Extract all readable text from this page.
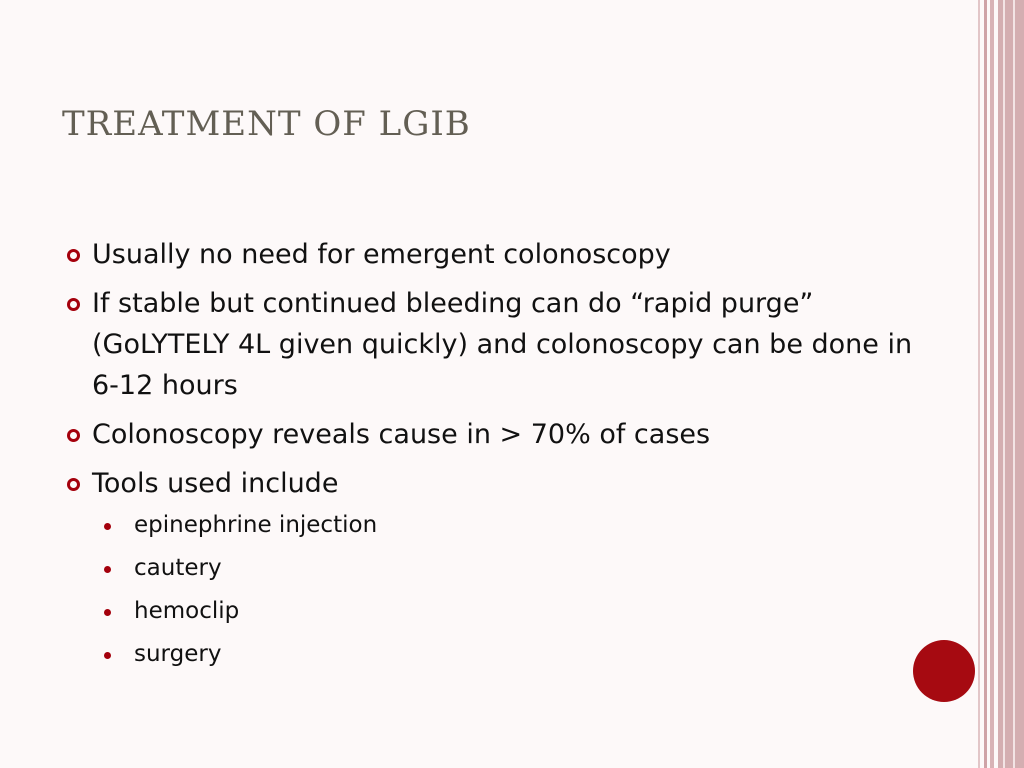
TREATMENT OF LGIB
Usually no need for emergent colonoscopy
If stable but continued bleeding can do “rapid purge” (GoLYTELY 4L given quickly) and colonoscopy can be done in 6-12 hours
Colonoscopy reveals cause in > 70% of cases
Tools used include
epinephrine injection
cautery
hemoclip
surgery
